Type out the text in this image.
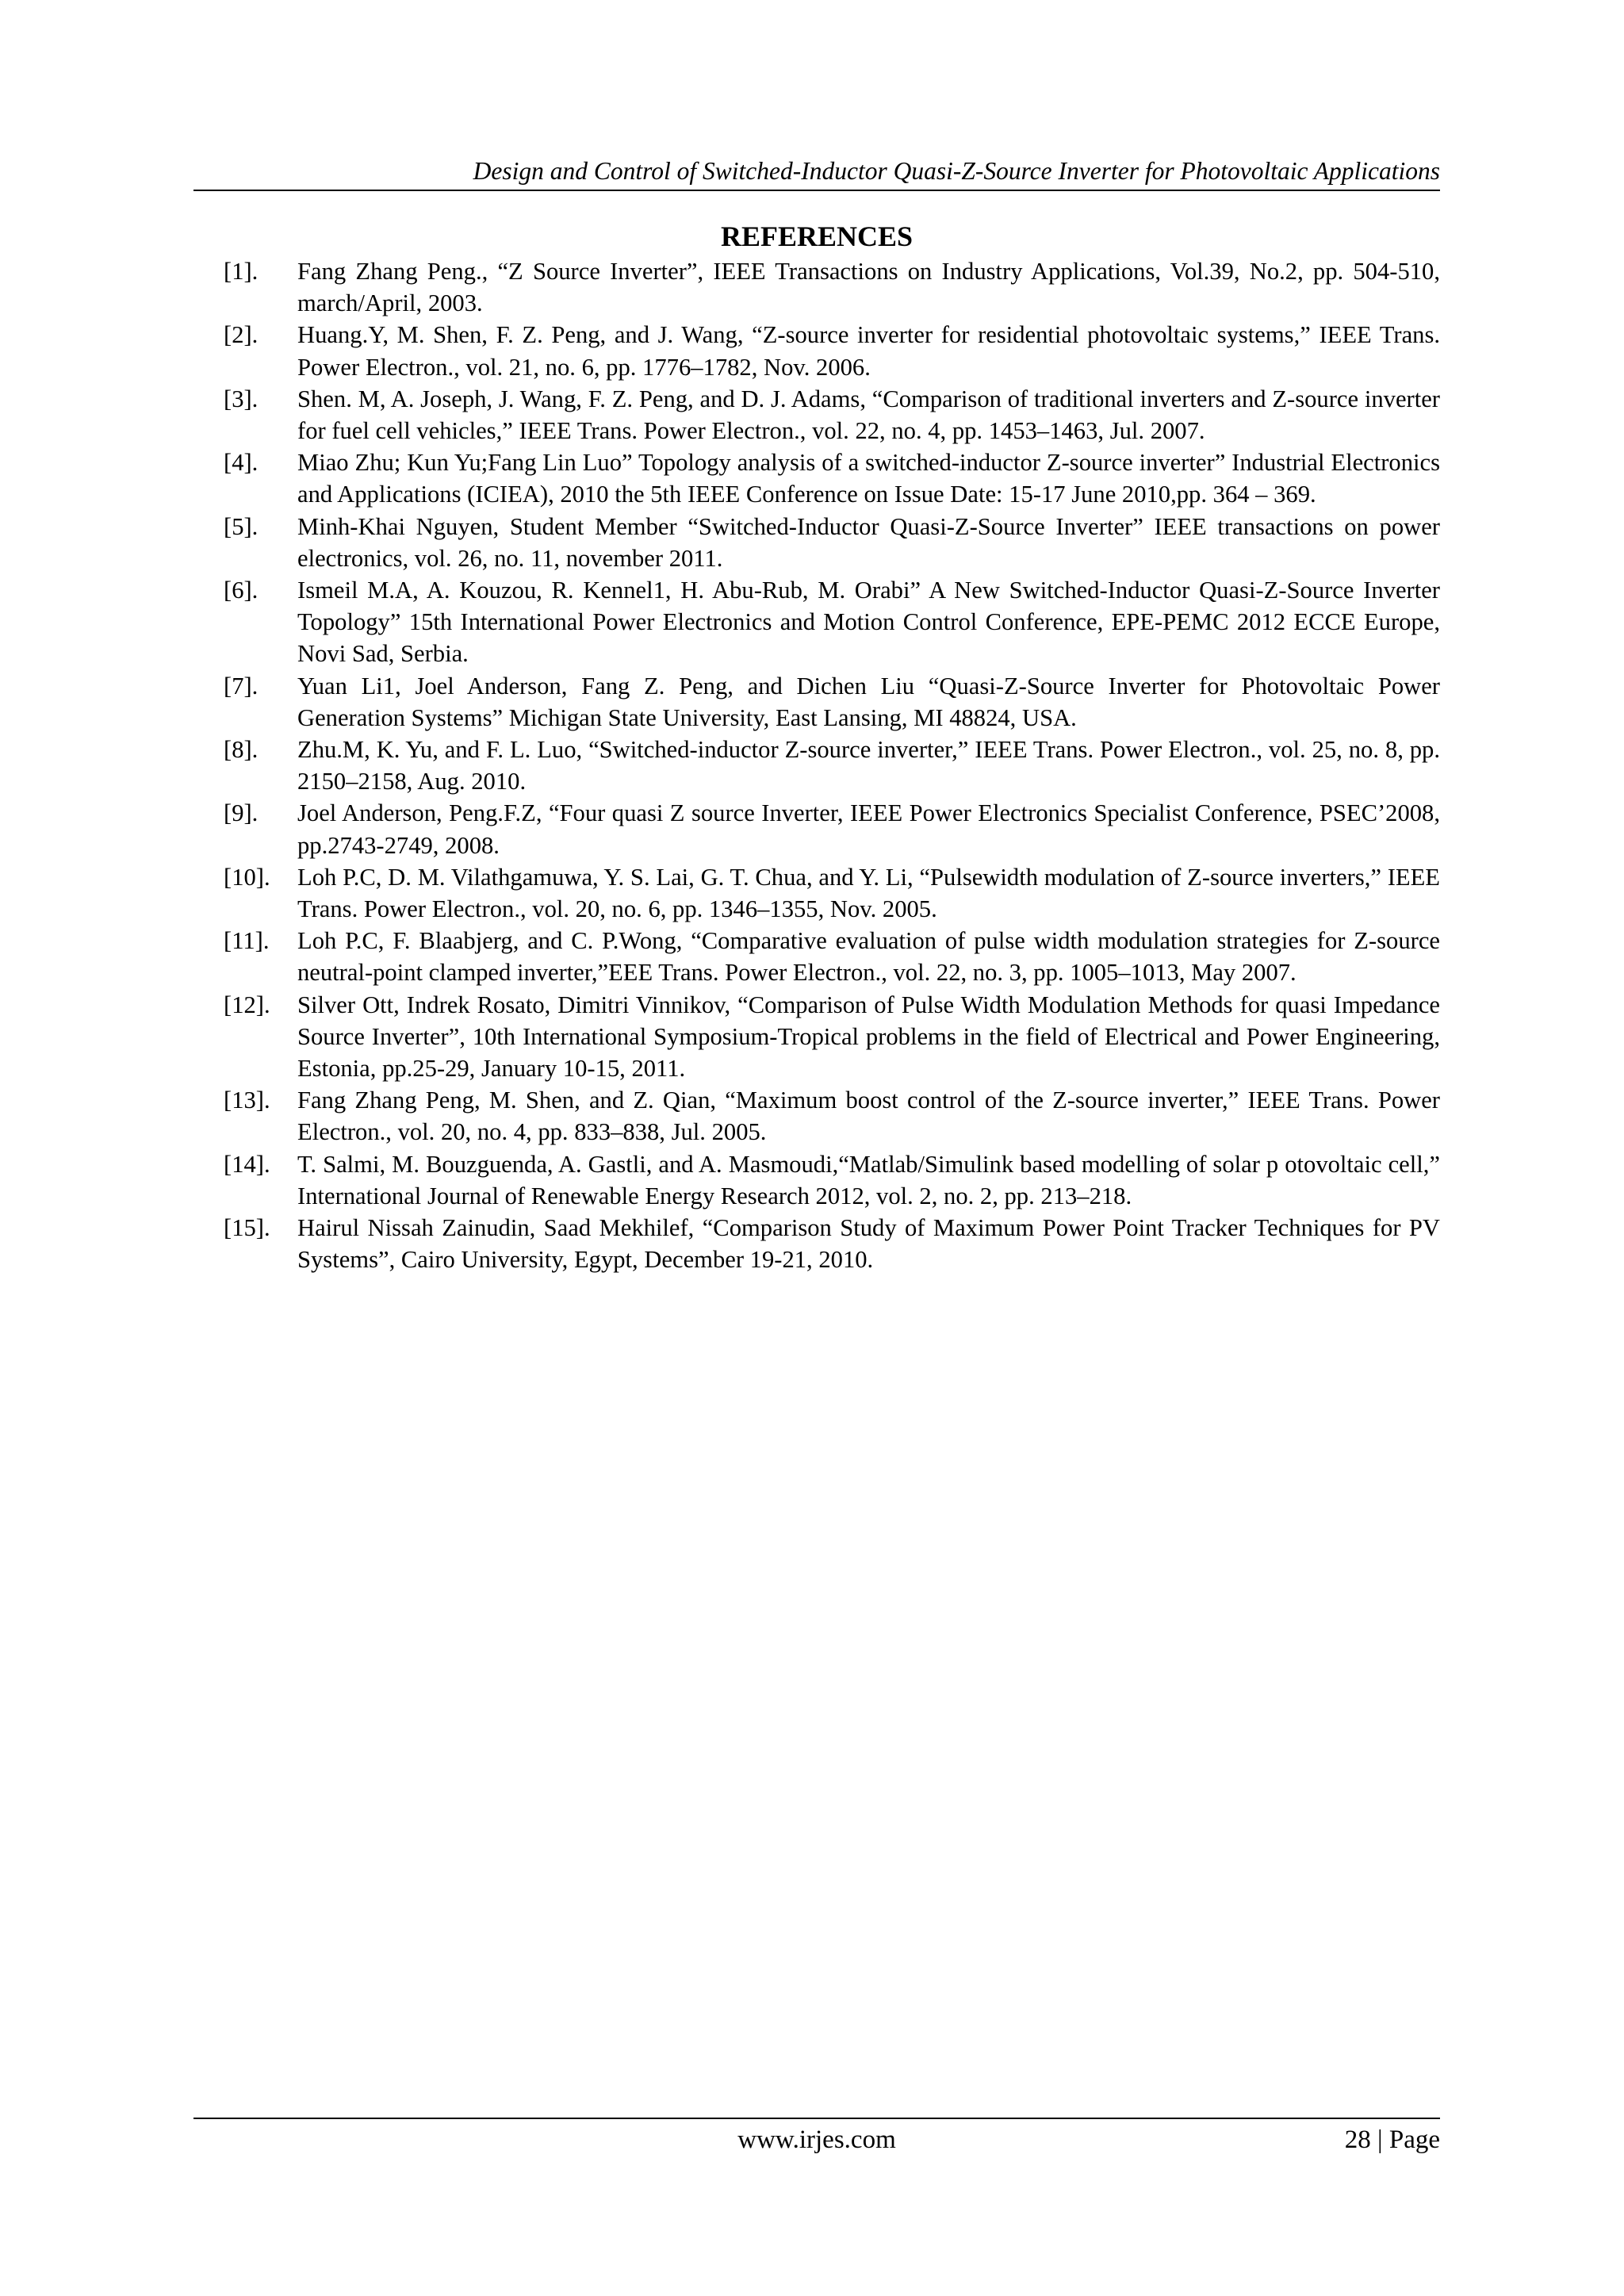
Design and Control of Switched-Inductor Quasi-Z-Source Inverter for Photovoltaic Applications
REFERENCES
[1].	Fang Zhang Peng., “Z Source Inverter”, IEEE Transactions on Industry Applications, Vol.39, No.2, pp. 504-510, march/April, 2003.
[2].	Huang.Y, M. Shen, F. Z. Peng, and J. Wang, “Z-source inverter for residential photovoltaic systems,” IEEE Trans. Power Electron., vol. 21, no. 6, pp. 1776–1782, Nov. 2006.
[3].	Shen. M, A. Joseph, J. Wang, F. Z. Peng, and D. J. Adams, “Comparison of traditional inverters and Z-source inverter for fuel cell vehicles,” IEEE Trans. Power Electron., vol. 22, no. 4, pp. 1453–1463, Jul. 2007.
[4].	Miao Zhu; Kun Yu;Fang Lin Luo” Topology analysis of a switched-inductor Z-source inverter” Industrial Electronics and Applications (ICIEA), 2010 the 5th IEEE Conference on Issue Date: 15-17 June 2010,pp. 364 – 369.
[5].	Minh-Khai Nguyen, Student Member “Switched-Inductor Quasi-Z-Source Inverter” IEEE transactions on power electronics, vol. 26, no. 11, november 2011.
[6].	Ismeil M.A, A. Kouzou, R. Kennel1, H. Abu-Rub, M. Orabi” A New Switched-Inductor Quasi-Z-Source Inverter Topology” 15th International Power Electronics and Motion Control Conference, EPE-PEMC 2012 ECCE Europe, Novi Sad, Serbia.
[7].	Yuan Li1, Joel Anderson, Fang Z. Peng, and Dichen Liu “Quasi-Z-Source Inverter for Photovoltaic Power Generation Systems” Michigan State University, East Lansing, MI 48824, USA.
[8].	Zhu.M, K. Yu, and F. L. Luo, “Switched-inductor Z-source inverter,” IEEE Trans. Power Electron., vol. 25, no. 8, pp. 2150–2158, Aug. 2010.
[9].	Joel Anderson, Peng.F.Z, “Four quasi Z source Inverter, IEEE Power Electronics Specialist Conference, PSEC’2008, pp.2743-2749, 2008.
[10].	Loh P.C, D. M. Vilathgamuwa, Y. S. Lai, G. T. Chua, and Y. Li, “Pulsewidth modulation of Z-source inverters,” IEEE Trans. Power Electron., vol. 20, no. 6, pp. 1346–1355, Nov. 2005.
[11].	Loh P.C, F. Blaabjerg, and C. P.Wong, “Comparative evaluation of pulse width modulation strategies for Z-source neutral-point clamped inverter,”EEE Trans. Power Electron., vol. 22, no. 3, pp. 1005–1013, May 2007.
[12].	Silver Ott, Indrek Rosato, Dimitri Vinnikov, “Comparison of Pulse Width Modulation Methods for quasi Impedance Source Inverter”, 10th International Symposium-Tropical problems in the field of Electrical and Power Engineering, Estonia, pp.25-29, January 10-15, 2011.
[13].	Fang Zhang Peng, M. Shen, and Z. Qian, “Maximum boost control of the Z-source inverter,” IEEE Trans. Power Electron., vol. 20, no. 4, pp. 833–838, Jul. 2005.
[14].	T. Salmi, M. Bouzguenda, A. Gastli, and A. Masmoudi,“Matlab/Simulink based modelling of solar p otovoltaic cell,” International Journal of Renewable Energy Research 2012, vol. 2, no. 2, pp. 213–218.
[15].	Hairul Nissah Zainudin, Saad Mekhilef, “Comparison Study of Maximum Power Point Tracker Techniques for PV Systems”, Cairo University, Egypt, December 19-21, 2010.
www.irjes.com	28 | Page
